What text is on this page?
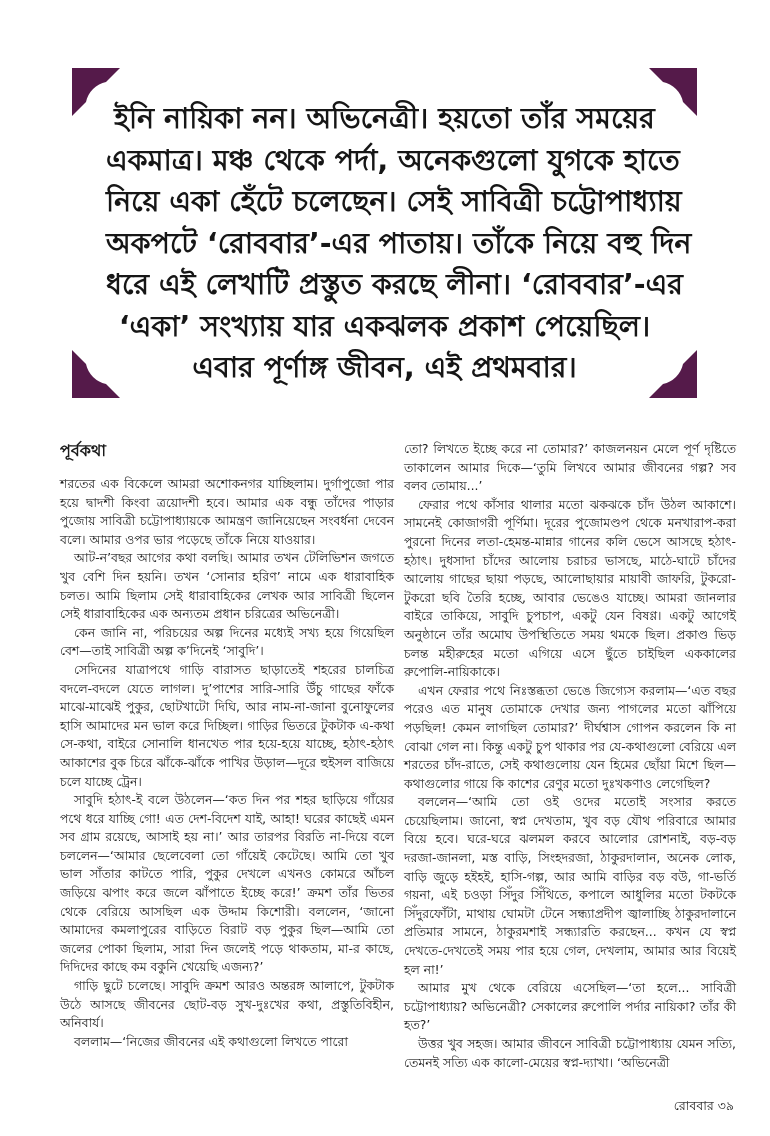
ইনি নায়িকা নন। অভিনেত্রী। হয়তো তাঁর সময়ের
একমাত্র। মঞ্চ থেকে পর্দা, অনেকগুলো যুগকে হাতে
নিয়ে একা হেঁটে চলেছেন। সেই সাবিত্রী চট্টোপাধ্যায়
অকপটে ‘রোববার’-এর পাতায়। তাঁকে নিয়ে বহু দিন
ধরে এই লেখাটি প্রস্তুত করছে লীনা। ‘রোববার’-এর
‘একা’ সংখ্যায় যার একঝলক প্রকাশ পেয়েছিল।
এবার পূর্ণাঙ্গ জীবন, এই প্রথমবার।
পূর্বকথা

শরতের এক বিকেলে আমরা অশোকনগর যাচ্ছিলাম। দুর্গাপুজো পার হয়ে দ্বাদশী কিংবা ত্রয়োদশী হবে। আমার এক বন্ধু তাঁদের পাড়ার পুজোয় সাবিত্রী চট্টোপাধ্যায়কে আমন্ত্রণ জানিয়েছেন সংবর্ধনা দেবেন বলে। আমার ওপর ভার পড়েছে তাঁকে নিয়ে যাওয়ার।

আট-ন’বছর আগের কথা বলছি। আমার তখন টেলিভিশন জগতে খুব বেশি দিন হয়নি। তখন ‘সোনার হরিণ’ নামে এক ধারাবাহিক চলত। আমি ছিলাম সেই ধারাবাহিকের লেখক আর সাবিত্রী ছিলেন সেই ধারাবাহিকের এক অন্যতম প্রধান চরিত্রের অভিনেত্রী।

কেন জানি না, পরিচয়ের অল্প দিনের মধ্যেই সখ্য হয়ে গিয়েছিল বেশ—তাই সাবিত্রী অল্প ক’দিনেই ‘সাবুদি’।

সেদিনের যাত্রাপথে গাড়ি বারাসত ছাড়াতেই শহরের চালচিত্র বদলে-বদলে যেতে লাগল। দু’পাশের সারি-সারি উঁচু গাছের ফাঁকে মাঝে-মাঝেই পুকুর, ছোটখাটো দিঘি, আর নাম-না-জানা বুনোফুলের হাসি আমাদের মন ভাল করে দিচ্ছিল। গাড়ির ভিতরে টুকটাক এ-কথা সে-কথা, বাইরে সোনালি ধানখেত পার হয়ে-হয়ে যাচ্ছে, হঠাৎ-হঠাৎ আকাশের বুক চিরে ঝাঁকে-ঝাঁকে পাখির উড়াল—দূরে হুইসল বাজিয়ে চলে যাচ্ছে ট্রেন।

সাবুদি হঠাৎ-ই বলে উঠলেন—‘কত দিন পর শহর ছাড়িয়ে গাঁয়ের পথে ধরে যাচ্ছি গো! এত দেশ-বিদেশ যাই, আহা! ঘরের কাছেই এমন সব গ্রাম রয়েছে, আসাই হয় না।’ আর তারপর বিরতি না-দিয়ে বলে চললেন—‘আমার ছেলেবেলা তো গাঁয়েই কেটেছে। আমি তো খুব ভাল সাঁতার কাটতে পারি, পুকুর দেখলে এখনও কোমরে আঁচল জড়িয়ে ঝপাং করে জলে ঝাঁপাতে ইচ্ছে করে!’ ক্রমশ তাঁর ভিতর থেকে বেরিয়ে আসছিল এক উদ্দাম কিশোরী। বললেন, ‘জানো আমাদের কমলাপুরের বাড়িতে বিরাট বড় পুকুর ছিল—আমি তো জলের পোকা ছিলাম, সারা দিন জলেই পড়ে থাকতাম, মা-র কাছে, দিদিদের কাছে কম বকুনি খেয়েছি এজন্য?’

গাড়ি ছুটে চলেছে। সাবুদি ক্রমশ আরও অন্তরঙ্গ আলাপে, টুকটাক উঠে আসছে জীবনের ছোট-বড় সুখ-দুঃখের কথা, প্রস্তুতিবিহীন, অনিবার্য।

বললাম—‘নিজের জীবনের এই কথাগুলো লিখতে পারো

তো? লিখতে ইচ্ছে করে না তোমার?’ কাজলনয়ন মেলে পূর্ণ দৃষ্টিতে তাকালেন আমার দিকে—‘তুমি লিখবে আমার জীবনের গল্প? সব বলব তোমায়...’

ফেরার পথে কাঁসার থালার মতো ঝকঝকে চাঁদ উঠল আকাশে। সামনেই কোজাগরী পূর্ণিমা। দূরের পুজোমণ্ডপ থেকে মনখারাপ-করা পুরনো দিনের লতা-হেমন্ত-মান্নার গানের কলি ভেসে আসছে হঠাৎ-হঠাৎ। দুধসাদা চাঁদের আলোয় চরাচর ভাসছে, মাঠে-ঘাটে চাঁদের আলোয় গাছের ছায়া পড়ছে, আলোছায়ার মায়াবী জাফরি, টুকরো-টুকরো ছবি তৈরি হচ্ছে, আবার ভেঙেও যাচ্ছে। আমরা জানলার বাইরে তাকিয়ে, সাবুদি চুপচাপ, একটু যেন বিষণ্ণ। একটু আগেই অনুষ্ঠানে তাঁর অমোঘ উপস্থিতিতে সময় থমকে ছিল। প্রকাণ্ড ভিড় চলন্ত মহীরুহের মতো এগিয়ে এসে ছুঁতে চাইছিল এককালের রুপোলি-নায়িকাকে।

এখন ফেরার পথে নিঃস্তব্ধতা ভেঙে জিগ্যেস করলাম—‘এত বছর পরেও এত মানুষ তোমাকে দেখার জন্য পাগলের মতো ঝাঁপিয়ে পড়ছিল! কেমন লাগছিল তোমার?’ দীর্ঘশ্বাস গোপন করলেন কি না বোঝা গেল না। কিন্তু একটু চুপ থাকার পর যে-কথাগুলো বেরিয়ে এল শরতের চাঁদ-রাতে, সেই কথাগুলোয় যেন হিমের ছোঁয়া মিশে ছিল—কথাগুলোর গায়ে কি কাশের রেণুর মতো দুঃখকণাও লেগেছিল?

বললেন—‘আমি তো ওই ওদের মতোই সংসার করতে চেয়েছিলাম। জানো, স্বপ্ন দেখতাম, খুব বড় যৌথ পরিবারে আমার বিয়ে হবে। ঘরে-ঘরে ঝলমল করবে আলোর রোশনাই, বড়-বড় দরজা-জানলা, মস্ত বাড়ি, সিংহদরজা, ঠাকুরদালান, অনেক লোক, বাড়ি জুড়ে হইহই, হাসি-গল্প, আর আমি বাড়ির বড় বউ, গা-ভর্তি গয়না, এই চওড়া সিঁদুর সিঁথিতে, কপালে আধুলির মতো টকটকে সিঁদুরফোঁটা, মাথায় ঘোমটা টেনে সন্ধ্যাপ্রদীপ জ্বালাচ্ছি ঠাকুরদালানে প্রতিমার সামনে, ঠাকুরমশাই সন্ধ্যারতি করছেন... কখন যে স্বপ্ন দেখতে-দেখতেই সময় পার হয়ে গেল, দেখলাম, আমার আর বিয়েই হল না!’

আমার মুখ থেকে বেরিয়ে এসেছিল—‘তা হলে... সাবিত্রী চট্টোপাধ্যায়? অভিনেত্রী? সেকালের রুপোলি পর্দার নায়িকা? তাঁর কী হত?’

উত্তর খুব সহজ। আমার জীবনে সাবিত্রী চট্টোপাধ্যায় যেমন সত্যি, তেমনই সত্যি এক কালো-মেয়ের স্বপ্ন-দ্যাখা। ‘অভিনেত্রী

রোববার ৩৯
